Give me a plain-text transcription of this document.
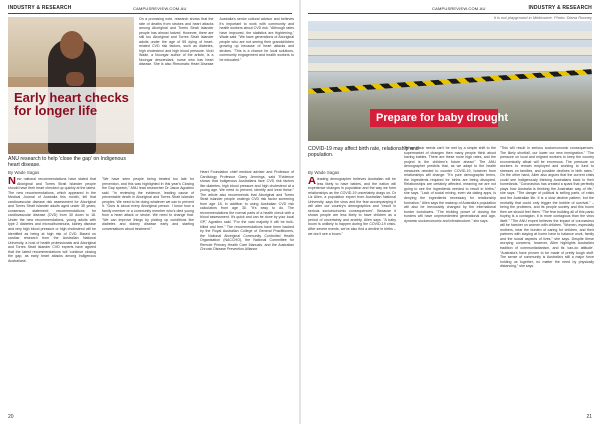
INDUSTRY & RESEARCH	CAMPUSREVIEW.COM.AU
Early heart checks for longer life
ANU research to help 'close the gap' on Indigenous heart disease.
By Wade Sagas

New national recommendations have stated that Aboriginal and Torres Strait Islander people should have their heart checked up quickly at the latest. The new recommendations, which appeared in the Medical Journal of Australia this month, tell that cardiovascular disease risk assessment for Aboriginal and Torres Strait Islander adults aged under 35 years; consensus statement; recommendations for cardiovascular disease (CVD) from 30 down to 18. Under the new recommendations, young adults with type 2 diabetes and microalbuminuria, kidney disease and very high blood pressure or high cholesterol will be identified as being at high risk of CVD. Based on cardiac research from the Australian National University, a host of health professionals and Aboriginal and Torres Strait Islander CVD experts have agreed that the latest recommendations will 'continue closing the gap, as early heart attacks among Indigenous Australians'.

"We have seen people being treated too late for prevention, and this was highlighted in this year's Closing the Gap speech," ANU lead researcher Dr Jason Agostino said. "In reviewing the evidence, leading cause of preventable death in Aboriginal and Torres Strait Islander peoples. We need to be doing whatever we can to prevent it. "Ours is about every Aboriginal person. I know how a family member or a community member who's died young from a heart attack or stroke. We need to change that. "We can improve things by picking up conditions like diabetes and kidney disease early and starting conversations about treatment."

On a promising note, research shows that the rate of deaths from strokes and heart attacks among Aboriginal and Torres Strait Islander people has almost halved. However, there are still too Aboriginal and Torres Strait Islander adults under the age of 55 dying of heart-related CVD risk factors, such as diabetes, high cholesterol and high blood pressure. Vicki Wade, a Noongar author of the article, is a Noongar descendant, nurse who has heart disease. She is also Rheumatic Heart Disease Australia's senior cultural advisor and believes it's important to work with community and health workers about CVD risk. "Although rates have improved, the statistics are frightening," Wade said. "We have generations of Aboriginal people who are not seeing their grandchildren growing up because of heart attacks and strokes. "This is a chance for local solutions, community engagement and health workers to be educated."

Heart Foundation chief medical adviser and Professor of Cardiology Professor Garry Jennings, said "Evidence shows that Indigenous Australians face CVD risk factors like diabetes, high blood pressure and high cholesterol at a young age. We need to prevent, identify and treat these." The article also recommends that Aboriginal and Torres Strait Islander people undergo CVD risk factor screening from age 18, in addition to using Australian CVD risk calculators from age 30. "It's easy to do. The recommendations the normal parts of a health check with a blood assessment. It's quick and can be done by your local GP," Agostino said. "For the vast majority it will be bulk-billed and free." The recommendations have been backed by the Royal Australian College of General Practitioners, the National Aboriginal Community Controlled Health Organisation (NACCHO), the National Committee for Remote Primary Health Care Manuals, and the Australian Chronic Disease Prevention Alliance.

20
CAMPUSREVIEW.COM.AU	INDUSTRY & RESEARCH
It is not playground in Melbourne. Photo: Diana Rooney
Prepare for baby drought
COVID-19 may affect birth rate, relationship and population.
By Wade Sagas

A leading demographer believes Australian will be less likely to have babies, and the nation will experience changes in population and the way we form relationships as the COVID-19 uncertainty drags on. Dr Liz Allen, a population expert from Australian National University, says the virus and the fear accompanying it will alter our country's demographics and "result in serious socioeconomic consequences". Because it shows people are less likely to have children as a period of uncertainty and anxiety, Allen says. "A baby boom is unlikely to happen during the COVID-19 crisis. After severe events, we've also find a decline in births – we don't see a boom."

"When basic needs can't be met by a simple shift to the supermarket of changes then many people think about having babies. There are these more high rates, and the project is the children's future ahead." The ANU demographer predicts that, as we adapt to the health measures needed to counter COVID-19, however from relationships will change. "It's pure demographic terms, the ingredients required for births are being disrupted. Relationships are certainly affected, meaning we are not going to see the ingredients needed to result in births," she says. "Lack of social mixing, even via dating apps, is denying the ingredients necessary for relationship formation." Allen says the makeup of Australia's population will also be irrevocably changed by the international border lockdowns. "The trickling power of closing the borders will have unprecedented generational and age-dynamic socioeconomic and infrastructure," she says.

"This will result in serious socioeconomic consequences. The likely shortfall, our lower our new immigration." "The pressure on local and migrant workers to keep the country economically afloat will be enormous. The pressure on workers to remain employed and working to fund to stresses on families, and possible declines in birth rates." On the other hand, Allen also argues that the current crisis could see Indigenously thinking Australians back to their homelands. "Coronavirus has created a spark that perfectly plays how Australia is thinking the Australian way of life," she says. "The danger of political is selling parts, of crisis and the Australian life. It is a slow decline pattern, but the mortality that could only trigger the bubble of survival." – being the problems, and its people society and this boom then we should feel them. "The fear building all of this panic buying is a contagion, it is more contagious than the virus itself." "The ANU expert believes the impact of coronavirus will be harsher on women with children. "Women, especially mothers, bear the burden of caring for children, and their partners with staying at home have to balance work, family and the social aspects of lives," she says. Despite these worrying concerns, however, Allen highlights Australia's tradition of communitarianism, and its 'can-do attitude'. "Australia's have proven to be made of pretty tough stuff. The sense of community is Australia's still a major force holding us together, no matter the need by physically distancing," she says.

21
